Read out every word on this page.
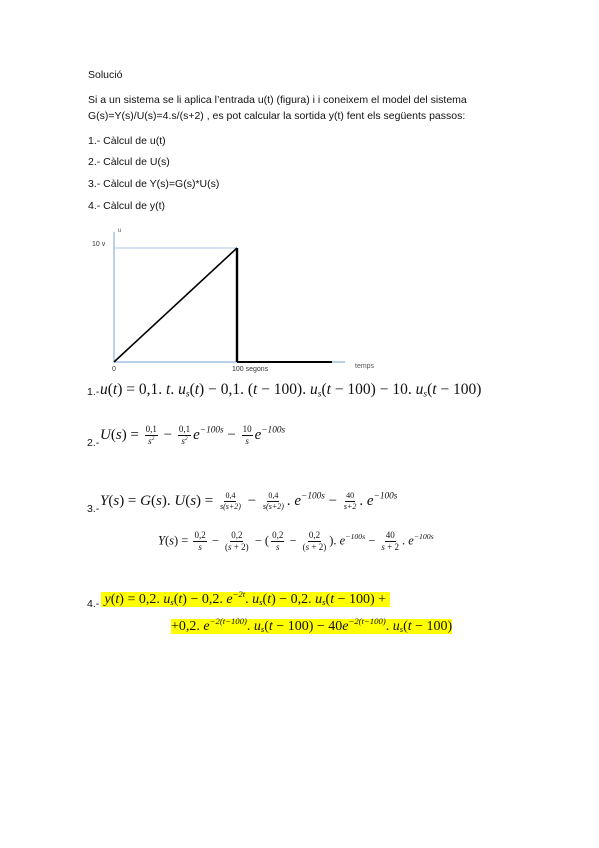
Solució
Si a un sistema se li aplica l’entrada u(t) (figura) i i coneixem el model del sistema
G(s)=Y(s)/U(s)=4.s/(s+2) , es pot calcular la sortida y(t) fent els següents passos:
1.- Càlcul de u(t)
2.- Càlcul de U(s)
3.- Càlcul de Y(s)=G(s)*U(s)
4.- Càlcul de y(t)
u
10 v
0	100 segons	temps
1.- u(t) = 0,1. t. $u_s(t) - 0,1$. (t − 100). $u_s(t - 100) - 10$. $u_s(t - 100)$
2.- $U(s) = \frac{0,1}{s^2} - \frac{0,1}{s^2} e^{-100s} - \frac{10}{s} e^{-100s}$
3.-
Y(s) = G(s). $U(s) = \frac{0,4}{s(s+2)} - \frac{0,4}{s(s+2)}$ . $e^{-100s} - \frac{40}{s+2}$ . $e^{-100s}$
$Y(s) = \frac{0,2}{s} - \frac{0,2}{(s + 2)}$ − ( $\frac{0,2}{s} - \frac{0,2}{(s + 2)}$ ). $e^{-100s} - \frac{40}{s + 2}$ . $e^{-100s}$
4.- y(t) = 0,2. $u_s(t) - 0,2$. $e^{-2t}$. $u_s(t) - 0,2$. $u_s(t - 100)$ +
+0,2. $e^{-2(t-100)}$. $u_s(t - 100) - 40e^{-2(t-100)}$. $u_s(t - 100)$
